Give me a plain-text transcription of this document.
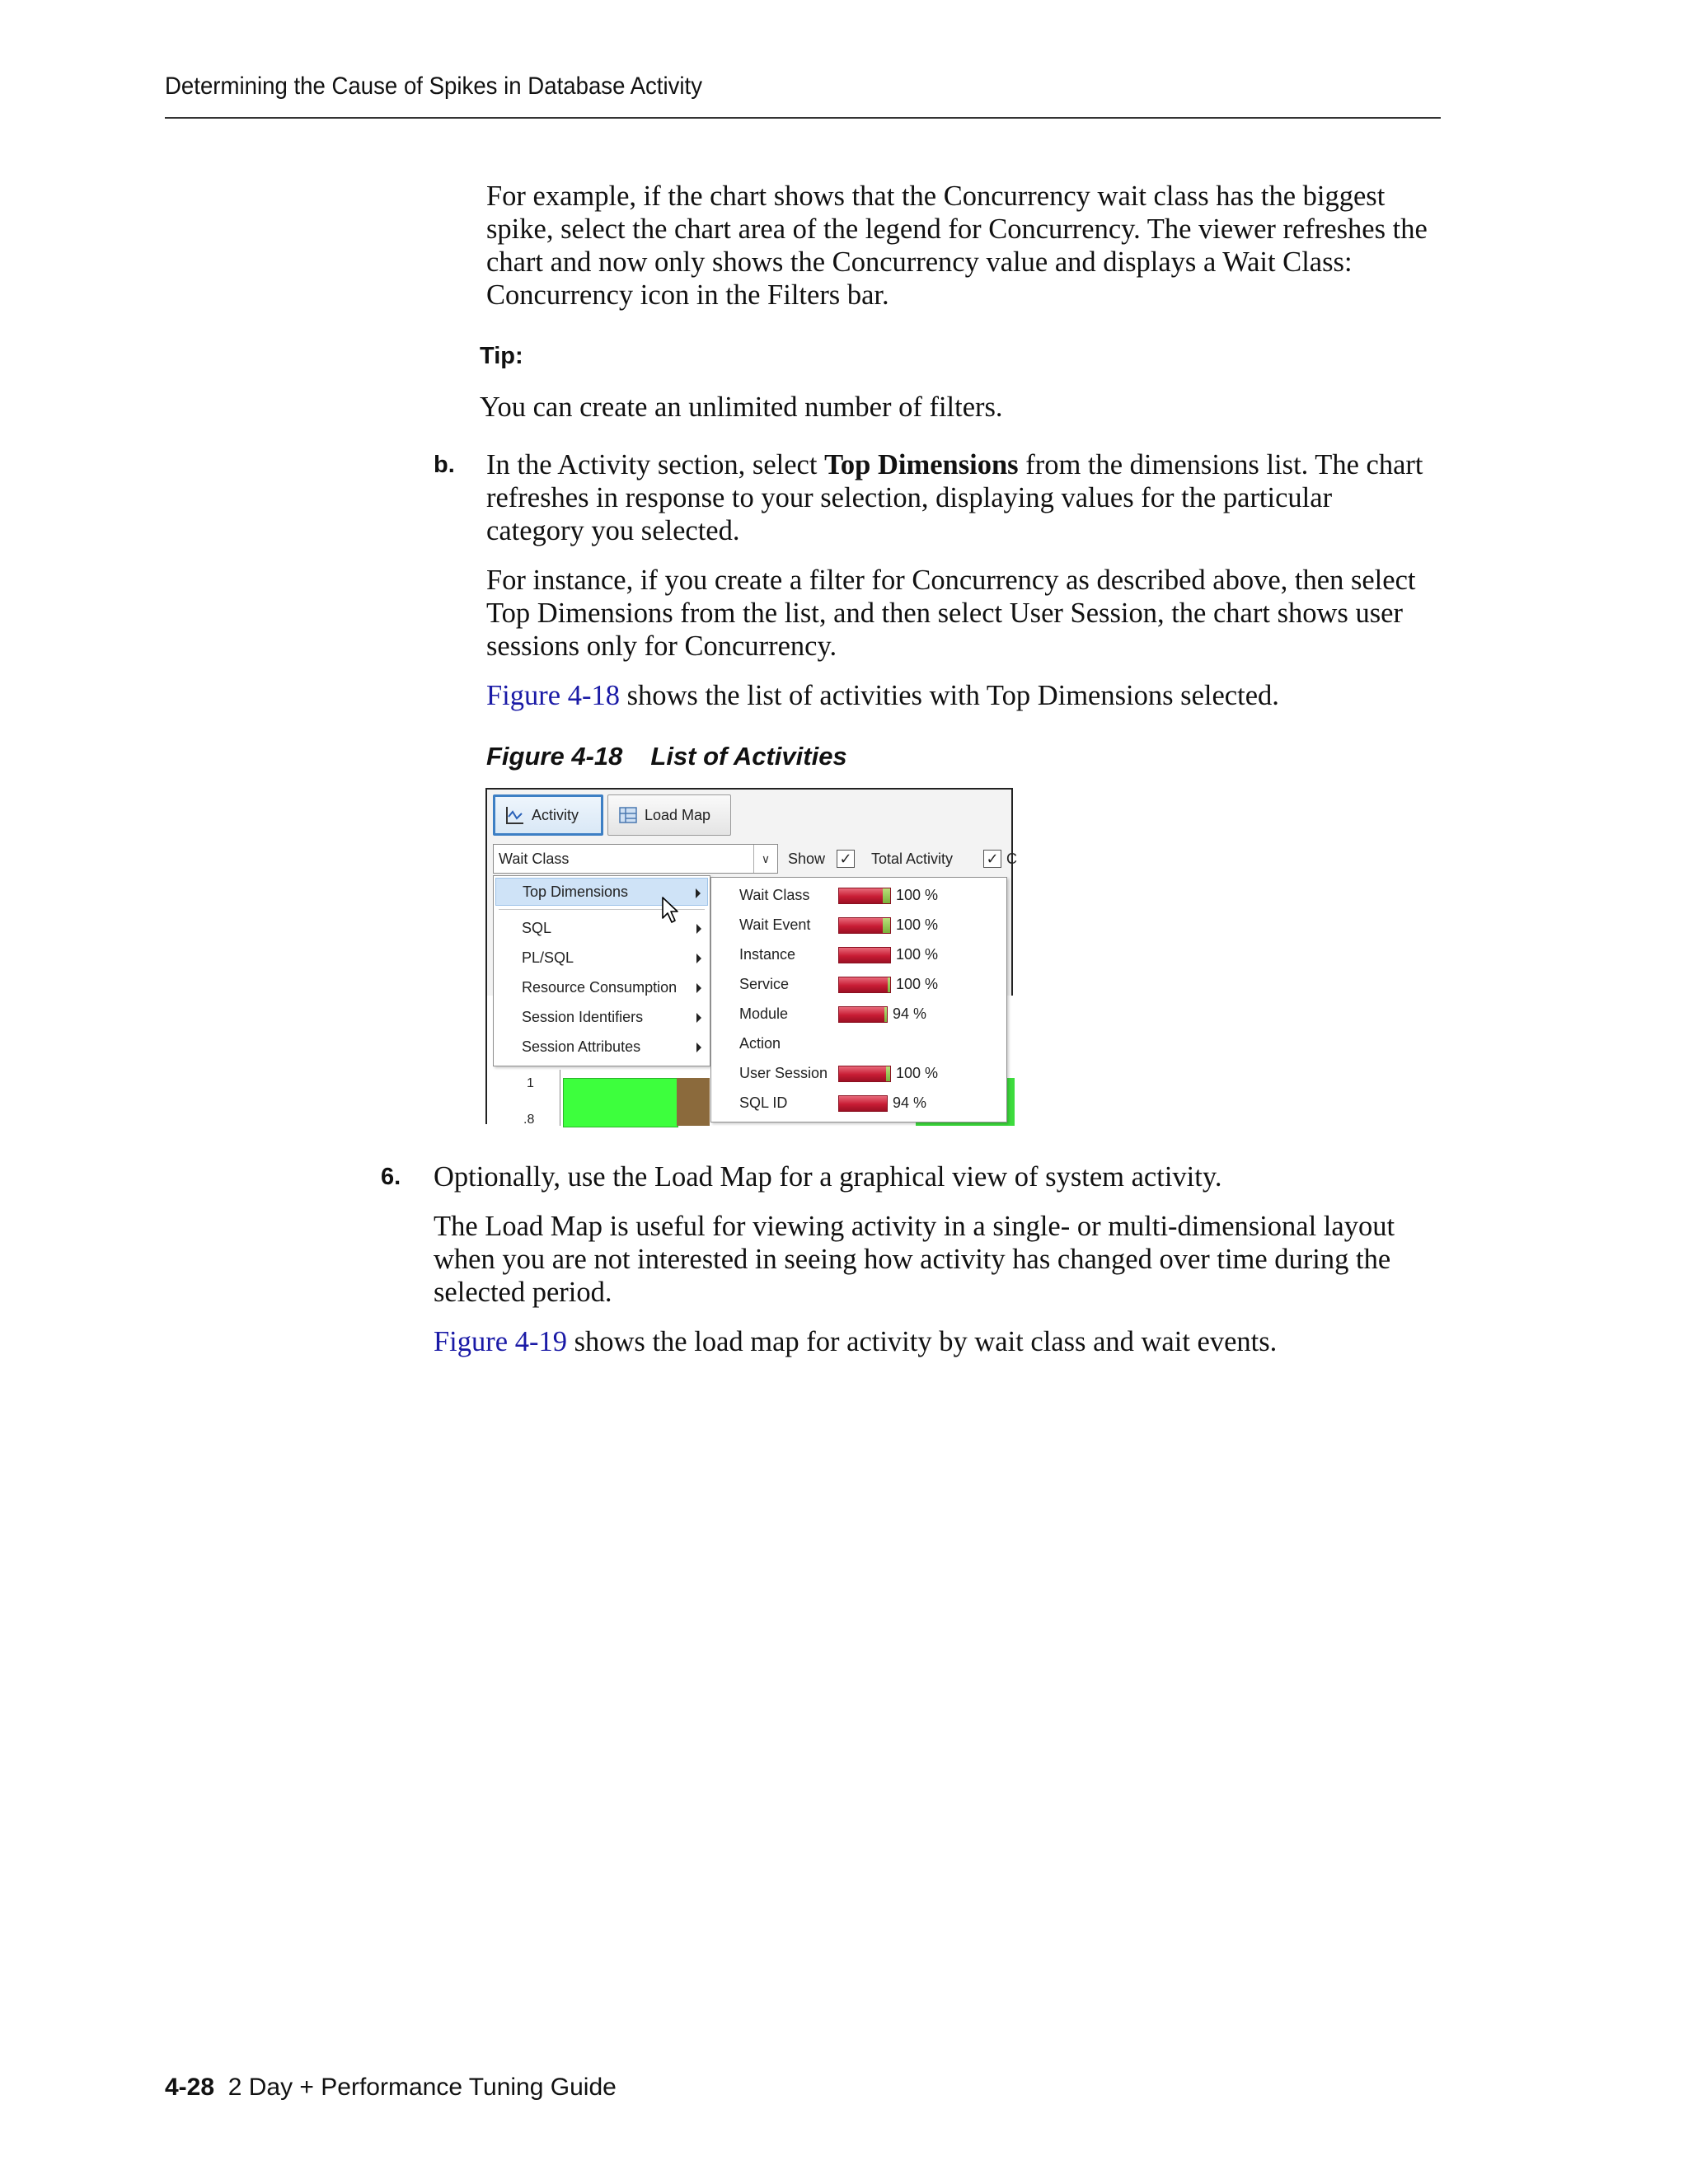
Determining the Cause of Spikes in Database Activity

For example, if the chart shows that the Concurrency wait class has the biggest spike, select the chart area of the legend for Concurrency. The viewer refreshes the chart and now only shows the Concurrency value and displays a Wait Class: Concurrency icon in the Filters bar.

Tip:

You can create an unlimited number of filters.

b. In the Activity section, select Top Dimensions from the dimensions list. The chart refreshes in response to your selection, displaying values for the particular category you selected.

For instance, if you create a filter for Concurrency as described above, then select Top Dimensions from the list, and then select User Session, the chart shows user sessions only for Concurrency.

Figure 4-18 shows the list of activities with Top Dimensions selected.

Figure 4-18 List of Activities
Activity	Load Map
Wait Class	∨	Show ✓ Total Activity ✓ C
1
.8
Top Dimensions
SQL
PL/SQL
Resource Consumption
Session Identifiers
Session Attributes
Wait Class	100 %
Wait Event	100 %
Instance	100 %
Service	100 %
Module	94 %
Action
User Session	100 %
SQL ID	94 %
6. Optionally, use the Load Map for a graphical view of system activity.

The Load Map is useful for viewing activity in a single- or multi-dimensional layout when you are not interested in seeing how activity has changed over time during the selected period.

Figure 4-19 shows the load map for activity by wait class and wait events.

4-28 2 Day + Performance Tuning Guide
